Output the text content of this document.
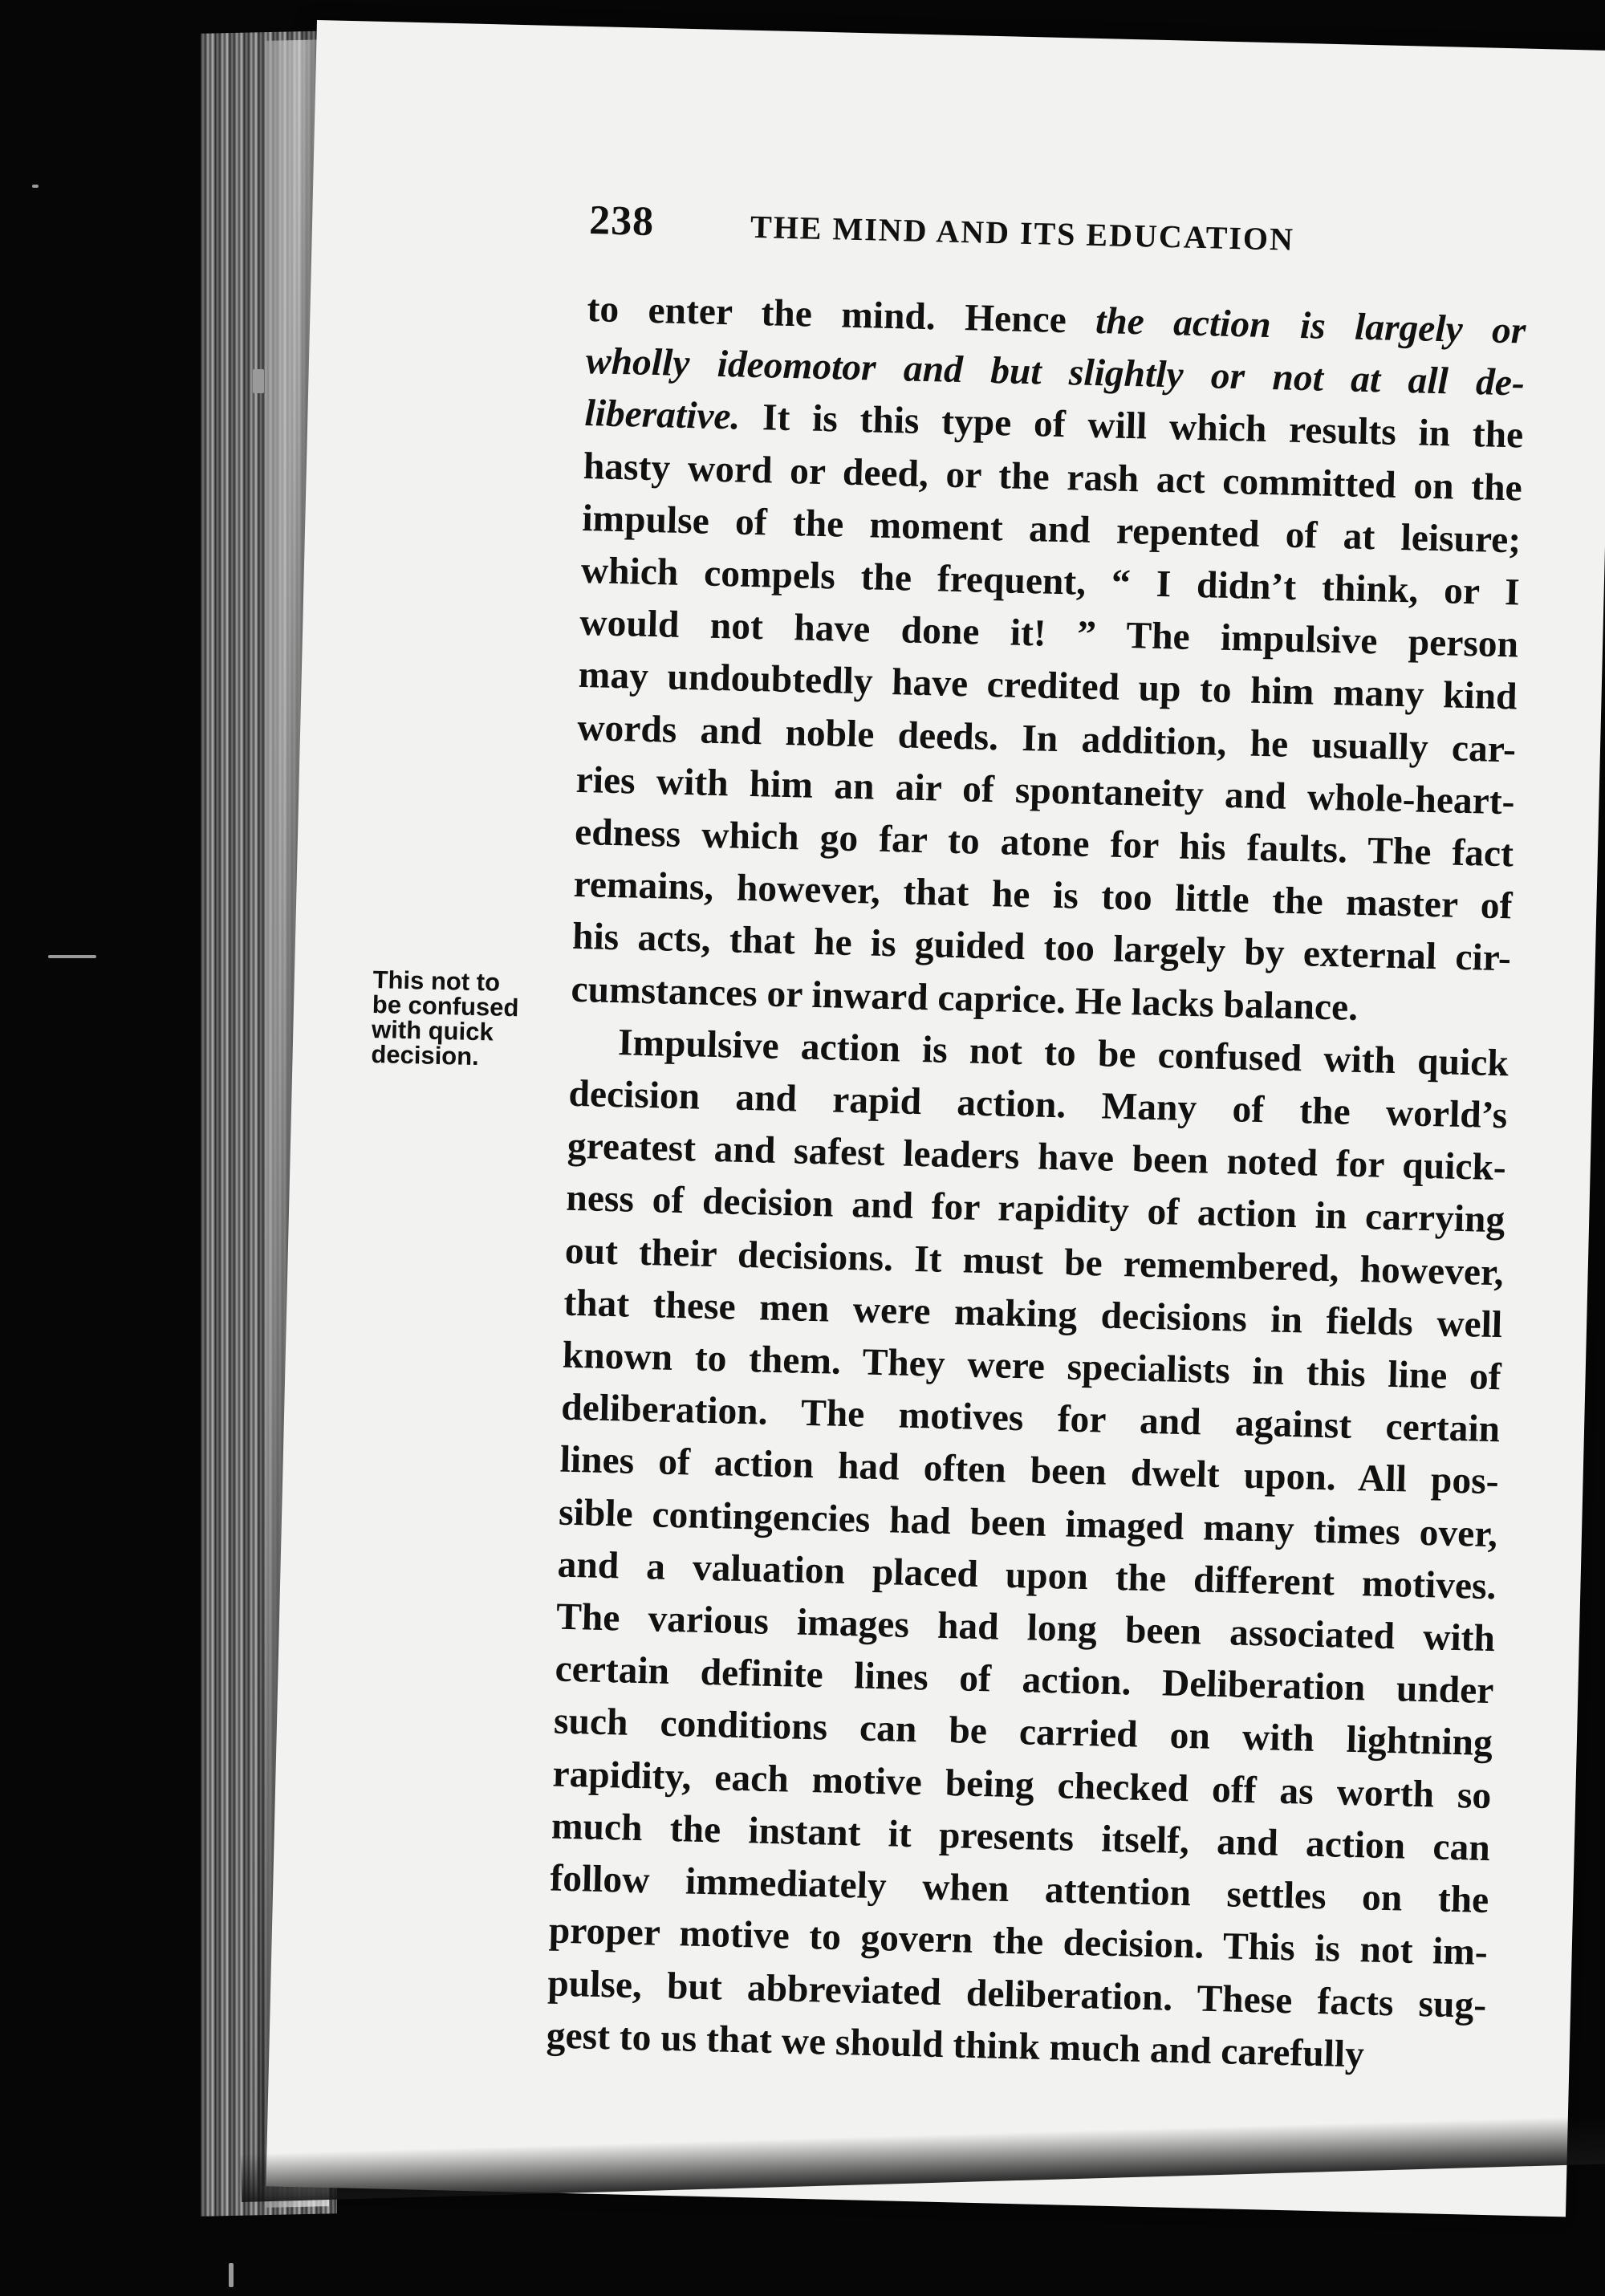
238	THE MIND AND ITS EDUCATION
to enter the mind. Hence the action is largely or
wholly ideomotor and but slightly or not at all de-
liberative. It is this type of will which results in the
hasty word or deed, or the rash act committed on the
impulse of the moment and repented of at leisure;
which compels the frequent, “ I didn’t think, or I
would not have done it! ” The impulsive person
may undoubtedly have credited up to him many kind
words and noble deeds. In addition, he usually car-
ries with him an air of spontaneity and whole-heart-
edness which go far to atone for his faults. The fact
remains, however, that he is too little the master of
his acts, that he is guided too largely by external cir-
cumstances or inward caprice. He lacks balance.
Impulsive action is not to be confused with quick
decision and rapid action. Many of the world’s
greatest and safest leaders have been noted for quick-
ness of decision and for rapidity of action in carrying
out their decisions. It must be remembered, however,
that these men were making decisions in fields well
known to them. They were specialists in this line of
deliberation. The motives for and against certain
lines of action had often been dwelt upon. All pos-
sible contingencies had been imaged many times over,
and a valuation placed upon the different motives.
The various images had long been associated with
certain definite lines of action. Deliberation under
such conditions can be carried on with lightning
rapidity, each motive being checked off as worth so
much the instant it presents itself, and action can
follow immediately when attention settles on the
proper motive to govern the decision. This is not im-
pulse, but abbreviated deliberation. These facts sug-
gest to us that we should think much and carefully
This not to
be confused
with quick
decision.
